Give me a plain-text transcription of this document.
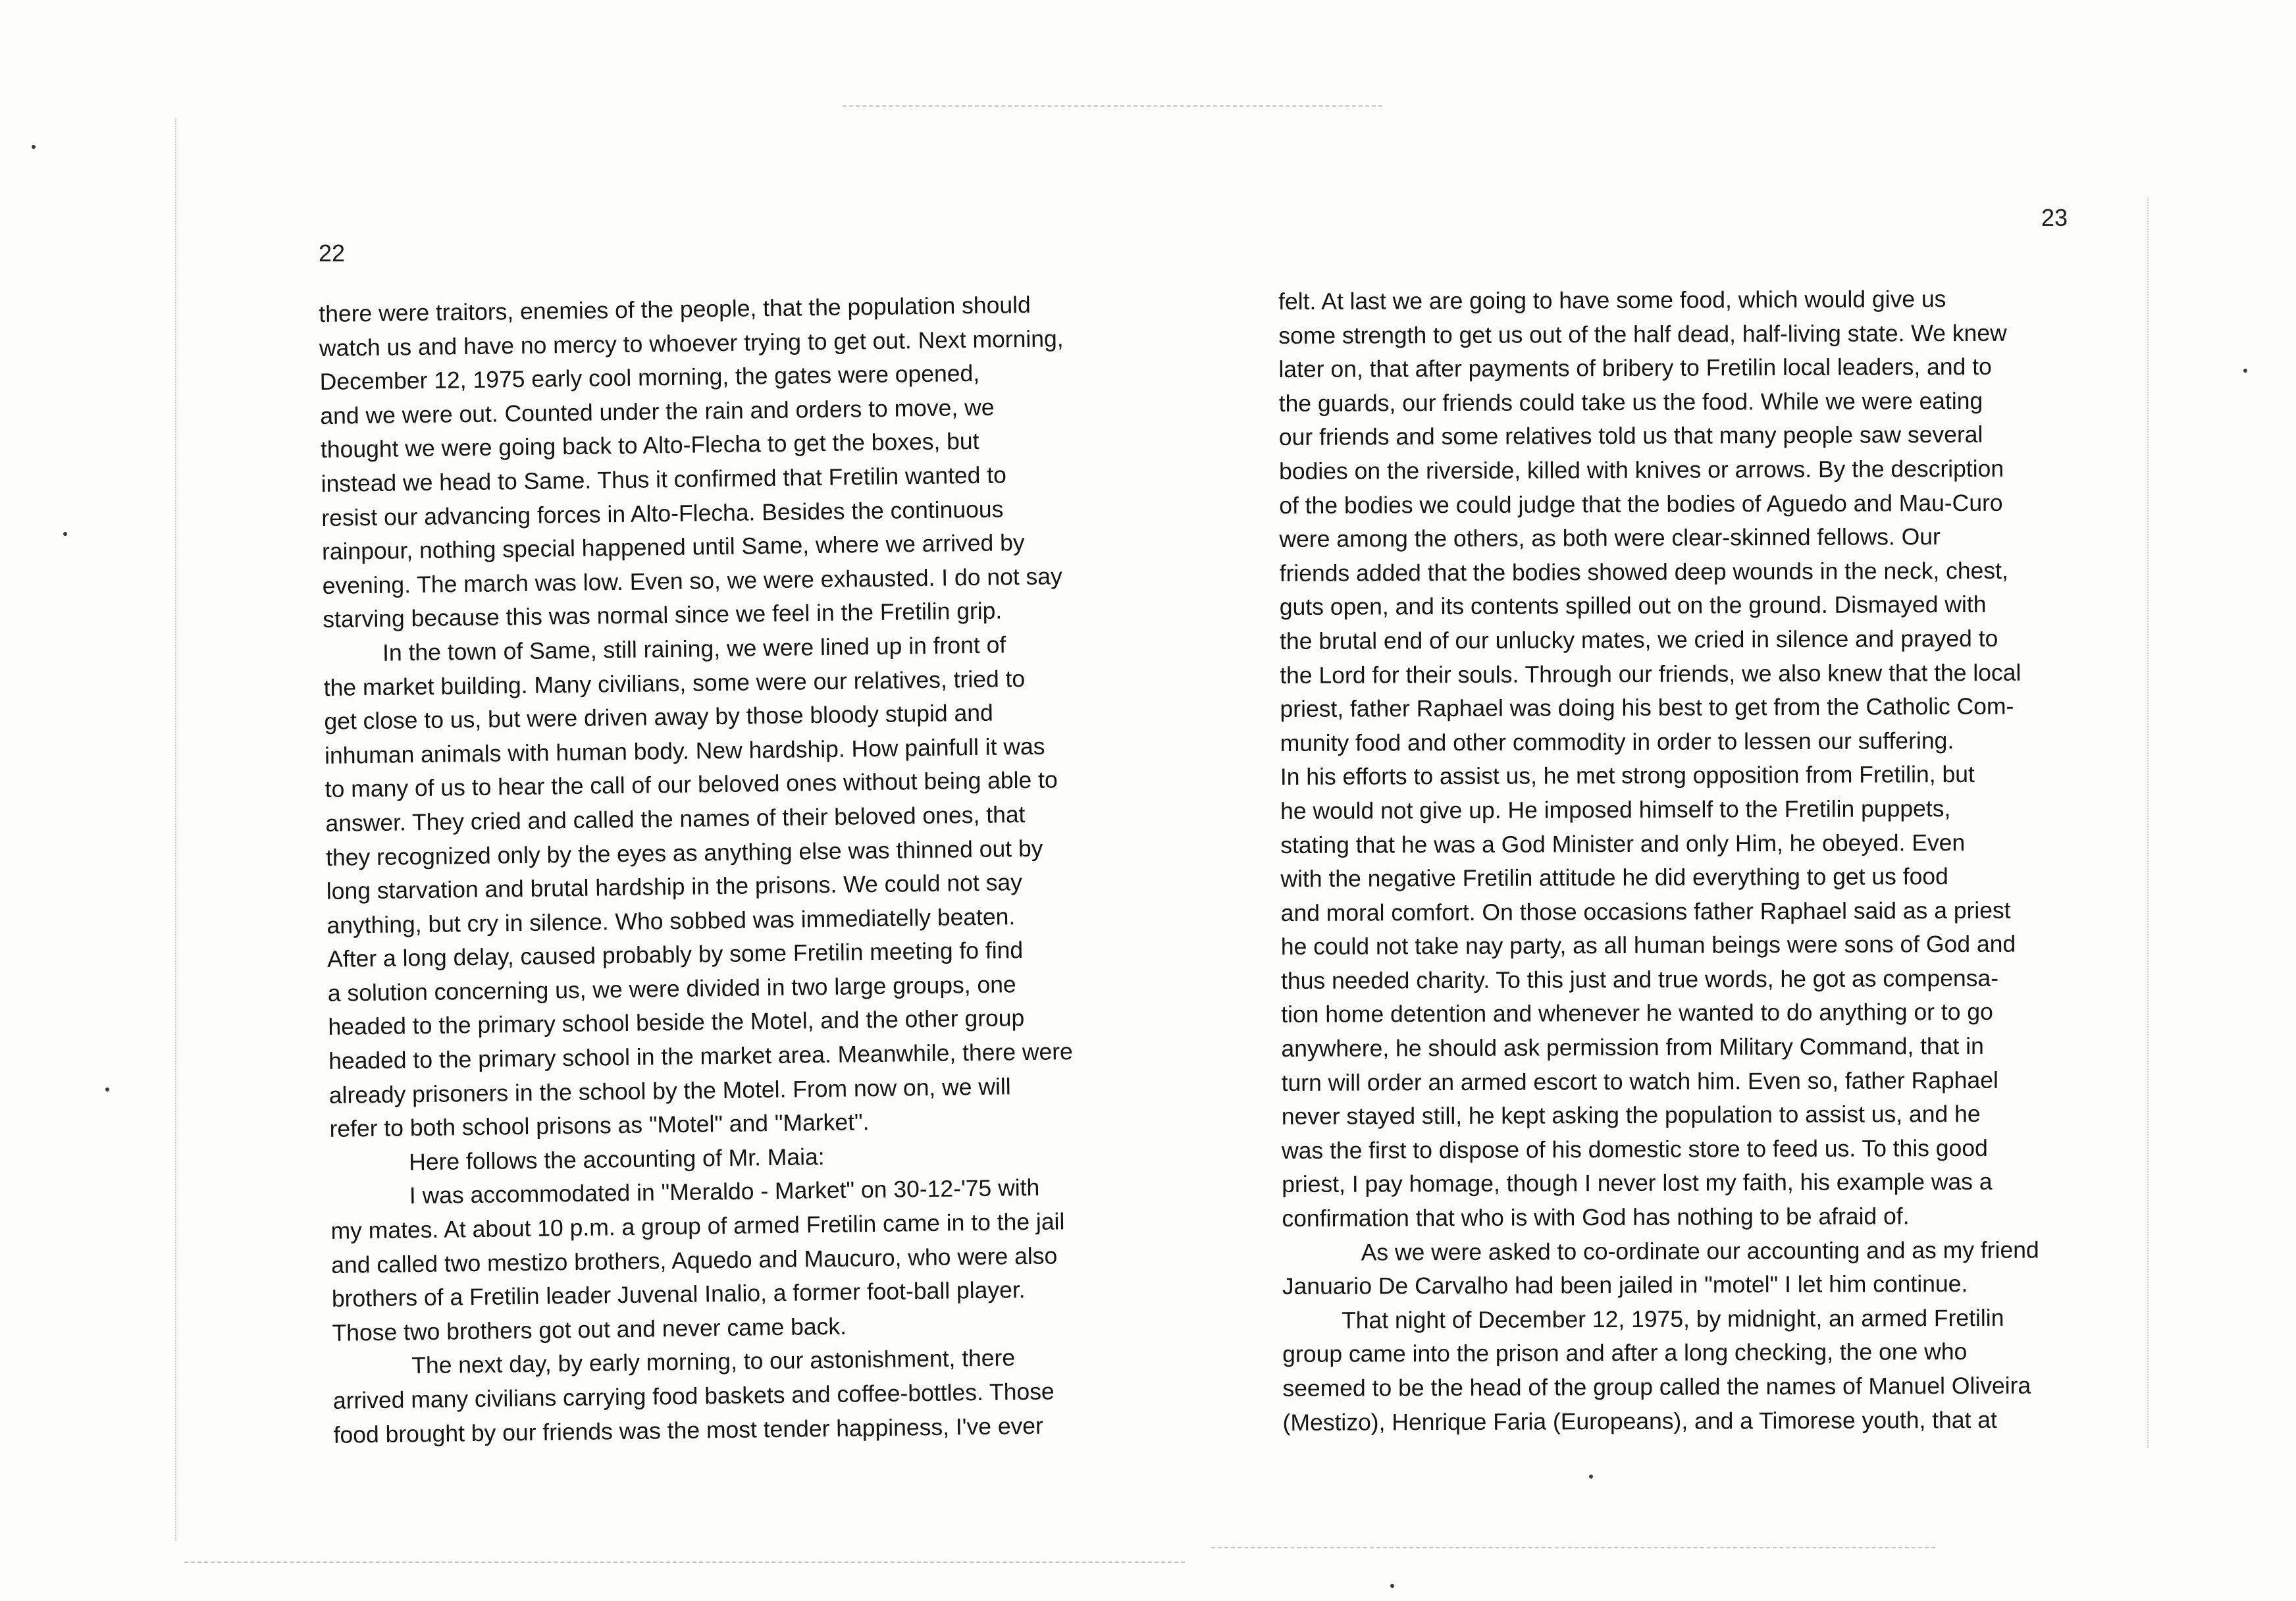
22

there were traitors, enemies of the people, that the population should

watch us and have no mercy to whoever trying to get out. Next morning,

December 12, 1975 early cool morning, the gates were opened,

and we were out. Counted under the rain and orders to move, we

thought we were going back to Alto-Flecha to get the boxes, but

instead we head to Same. Thus it confirmed that Fretilin wanted to

resist our advancing forces in Alto-Flecha. Besides the continuous

rainpour, nothing special happened until Same, where we arrived by

evening. The march was low. Even so, we were exhausted. I do not say

starving because this was normal since we feel in the Fretilin grip.

In the town of Same, still raining, we were lined up in front of

the market building. Many civilians, some were our relatives, tried to

get close to us, but were driven away by those bloody stupid and

inhuman animals with human body. New hardship. How painfull it was

to many of us to hear the call of our beloved ones without being able to

answer. They cried and called the names of their beloved ones, that

they recognized only by the eyes as anything else was thinned out by

long starvation and brutal hardship in the prisons. We could not say

anything, but cry in silence. Who sobbed was immediatelly beaten.

After a long delay, caused probably by some Fretilin meeting fo find

a solution concerning us, we were divided in two large groups, one

headed to the primary school beside the Motel, and the other group

headed to the primary school in the market area. Meanwhile, there were

already prisoners in the school by the Motel. From now on, we will

refer to both school prisons as "Motel" and "Market".

Here follows the accounting of Mr. Maia:

I was accommodated in "Meraldo - Market" on 30-12-'75 with

my mates. At about 10 p.m. a group of armed Fretilin came in to the jail

and called two mestizo brothers, Aquedo and Maucuro, who were also

brothers of a Fretilin leader Juvenal Inalio, a former foot-ball player.

Those two brothers got out and never came back.

The next day, by early morning, to our astonishment, there

arrived many civilians carrying food baskets and coffee-bottles. Those

food brought by our friends was the most tender happiness, I've ever

23

felt. At last we are going to have some food, which would give us

some strength to get us out of the half dead, half-living state. We knew

later on, that after payments of bribery to Fretilin local leaders, and to

the guards, our friends could take us the food. While we were eating

our friends and some relatives told us that many people saw several

bodies on the riverside, killed with knives or arrows. By the description

of the bodies we could judge that the bodies of Aguedo and Mau-Curo

were among the others, as both were clear-skinned fellows. Our

friends added that the bodies showed deep wounds in the neck, chest,

guts open, and its contents spilled out on the ground. Dismayed with

the brutal end of our unlucky mates, we cried in silence and prayed to

the Lord for their souls. Through our friends, we also knew that the local

priest, father Raphael was doing his best to get from the Catholic Com-

munity food and other commodity in order to lessen our suffering.

In his efforts to assist us, he met strong opposition from Fretilin, but

he would not give up. He imposed himself to the Fretilin puppets,

stating that he was a God Minister and only Him, he obeyed. Even

with the negative Fretilin attitude he did everything to get us food

and moral comfort. On those occasions father Raphael said as a priest

he could not take nay party, as all human beings were sons of God and

thus needed charity. To this just and true words, he got as compensa-

tion home detention and whenever he wanted to do anything or to go

anywhere, he should ask permission from Military Command, that in

turn will order an armed escort to watch him. Even so, father Raphael

never stayed still, he kept asking the population to assist us, and he

was the first to dispose of his domestic store to feed us. To this good

priest, I pay homage, though I never lost my faith, his example was a

confirmation that who is with God has nothing to be afraid of.

As we were asked to co-ordinate our accounting and as my friend

Januario De Carvalho had been jailed in "motel" I let him continue.

That night of December 12, 1975, by midnight, an armed Fretilin

group came into the prison and after a long checking, the one who

seemed to be the head of the group called the names of Manuel Oliveira

(Mestizo), Henrique Faria (Europeans), and a Timorese youth, that at
